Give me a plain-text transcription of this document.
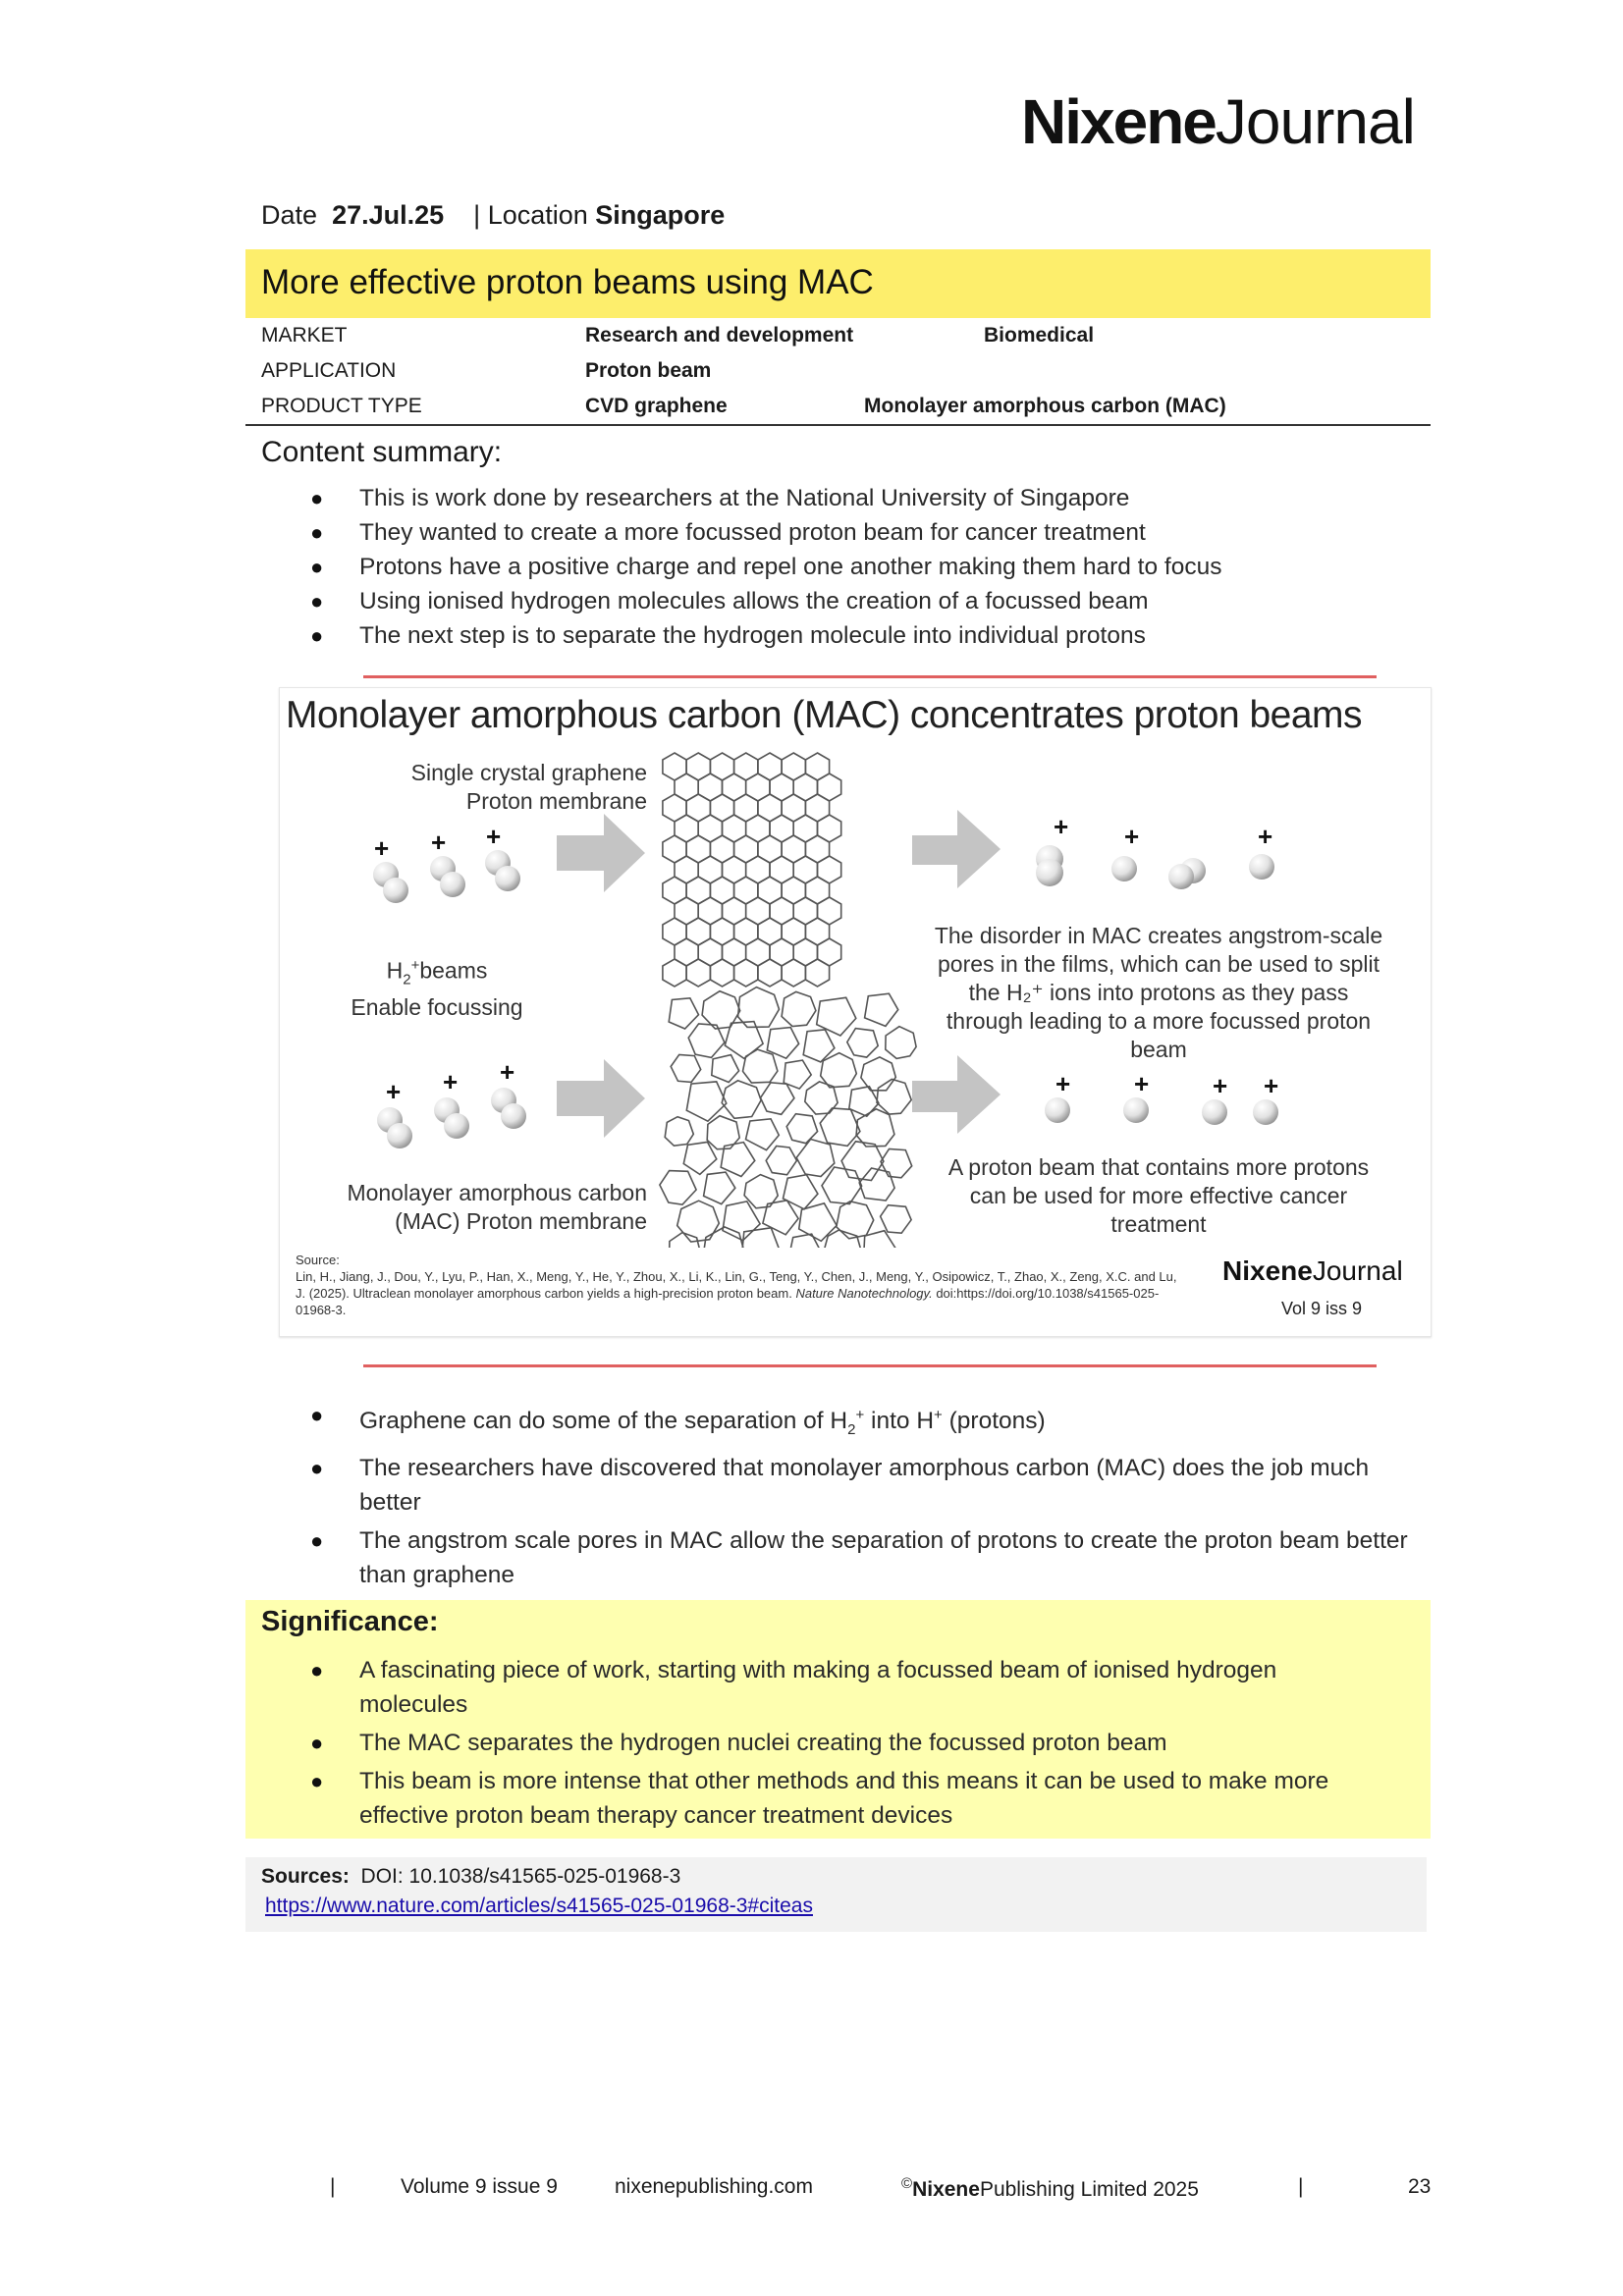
NixeneJournal
Date 27.Jul.25 | Location Singapore
More effective proton beams using MAC
MARKET	Research and development	Biomedical
APPLICATION	Proton beam
PRODUCT TYPE	CVD graphene	Monolayer amorphous carbon (MAC)
Content summary:
● This is work done by researchers at the National University of Singapore
● They wanted to create a more focussed proton beam for cancer treatment
● Protons have a positive charge and repel one another making them hard to focus
● Using ionised hydrogen molecules allows the creation of a focussed beam
● The next step is to separate the hydrogen molecule into individual protons
Monolayer amorphous carbon (MAC) concentrates proton beams
Single crystal graphene
Proton membrane
$H_2^+beams$
Enable focussing
Monolayer amorphous carbon
(MAC) Proton membrane
The disorder in MAC creates angstrom-scale pores in the films, which can be used to split the H₂⁺ ions into protons as they pass through leading to a more focussed proton beam
A proton beam that contains more protons can be used for more effective cancer treatment
+ + +
+ + +
+ +	+
+ + + +
Source:
Lin, H., Jiang, J., Dou, Y., Lyu, P., Han, X., Meng, Y., He, Y., Zhou, X., Li, K., Lin, G., Teng, Y., Chen, J., Meng, Y., Osipowicz, T., Zhao, X., Zeng, X.C. and Lu, J. (2025). Ultraclean monolayer amorphous carbon yields a high-precision proton beam. Nature Nanotechnology. doi:https://doi.org/10.1038/s41565-025-01968-3.
NixeneJournal
Vol 9 iss 9
● Graphene can do some of the separation of $H_2^+$ into H+ (protons)
● The researchers have discovered that monolayer amorphous carbon (MAC) does the job much better
● The angstrom scale pores in MAC allow the separation of protons to create the proton beam better than graphene
Significance:
● A fascinating piece of work, starting with making a focussed beam of ionised hydrogen molecules
● The MAC separates the hydrogen nuclei creating the focussed proton beam
● This beam is more intense that other methods and this means it can be used to make more effective proton beam therapy cancer treatment devices
Sources: DOI: 10.1038/s41565-025-01968-3
https://www.nature.com/articles/s41565-025-01968-3#citeas
|	Volume 9 issue 9	nixenepublishing.com	©NixenePublishing Limited 2025	|	23
